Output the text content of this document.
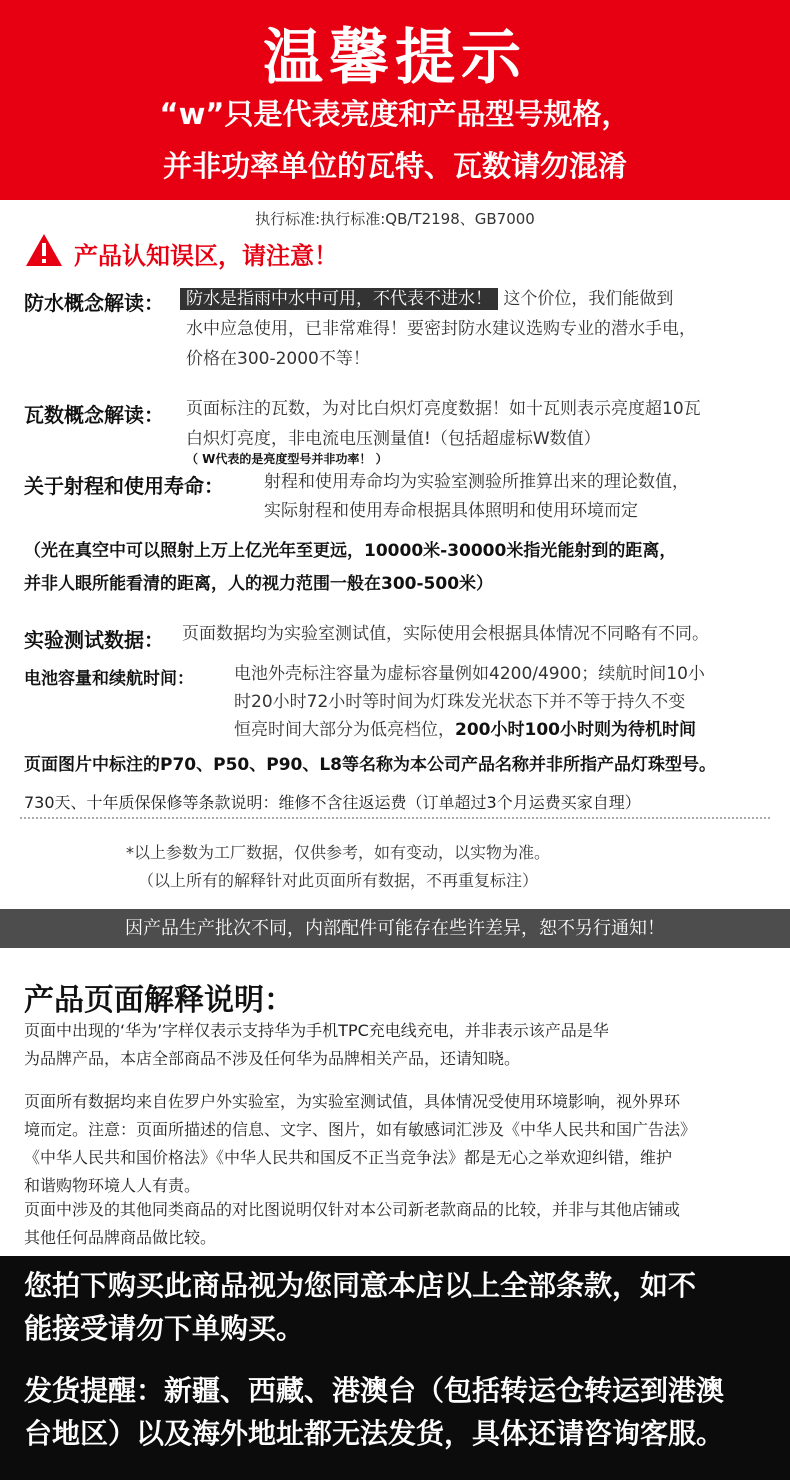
温馨提示
“w”只是代表亮度和产品型号规格，
并非功率单位的瓦特、瓦数请勿混淆
执行标准:执行标准:QB/T2198、GB7000
产品认知误区，请注意！
防水概念解读：	防水是指雨中水中可用，不代表不进水！ 这个价位，我们能做到
水中应急使用，已非常难得！要密封防水建议选购专业的潜水手电，
价格在300-2000不等！
瓦数概念解读： 页面标注的瓦数，为对比白炽灯亮度数据！如十瓦则表示亮度超10瓦
白炽灯亮度，非电流电压测量值!（包括超虚标W数值）
（ W代表的是亮度型号并非功率！ ）
关于射程和使用寿命： 射程和使用寿命均为实验室测验所推算出来的理论数值，
实际射程和使用寿命根据具体照明和使用环境而定
（光在真空中可以照射上万上亿光年至更远，10000米-30000米指光能射到的距离，
并非人眼所能看清的距离，人的视力范围一般在300-500米）
实验测试数据： 页面数据均为实验室测试值，实际使用会根据具体情况不同略有不同。
电池容量和续航时间： 电池外壳标注容量为虚标容量例如4200/4900；续航时间10小
时20小时72小时等时间为灯珠发光状态下并不等于持久不变
恒亮时间大部分为低亮档位，200小时100小时则为待机时间
页面图片中标注的P70、P50、P90、L8等名称为本公司产品名称并非所指产品灯珠型号。
730天、十年质保保修等条款说明：维修不含往返运费（订单超过3个月运费买家自理）
*以上参数为工厂数据，仅供参考，如有变动，以实物为准。
（以上所有的解释针对此页面所有数据，不再重复标注）
因产品生产批次不同，内部配件可能存在些许差异，恕不另行通知！
产品页面解释说明：
页面中出现的‘华为’字样仅表示支持华为手机TPC充电线充电，并非表示该产品是华
为品牌产品，本店全部商品不涉及任何华为品牌相关产品，还请知晓。
页面所有数据均来自佐罗户外实验室，为实验室测试值，具体情况受使用环境影响，视外界环
境而定。注意：页面所描述的信息、文字、图片，如有敏感词汇涉及《中华人民共和国广告法》
《中华人民共和国价格法》《中华人民共和国反不正当竞争法》都是无心之举欢迎纠错，维护
和谐购物环境人人有责。
页面中涉及的其他同类商品的对比图说明仅针对本公司新老款商品的比较，并非与其他店铺或
其他任何品牌商品做比较。
您拍下购买此商品视为您同意本店以上全部条款，如不
能接受请勿下单购买。
发货提醒：新疆、西藏、港澳台（包括转运仓转运到港澳
台地区）以及海外地址都无法发货，具体还请咨询客服。
